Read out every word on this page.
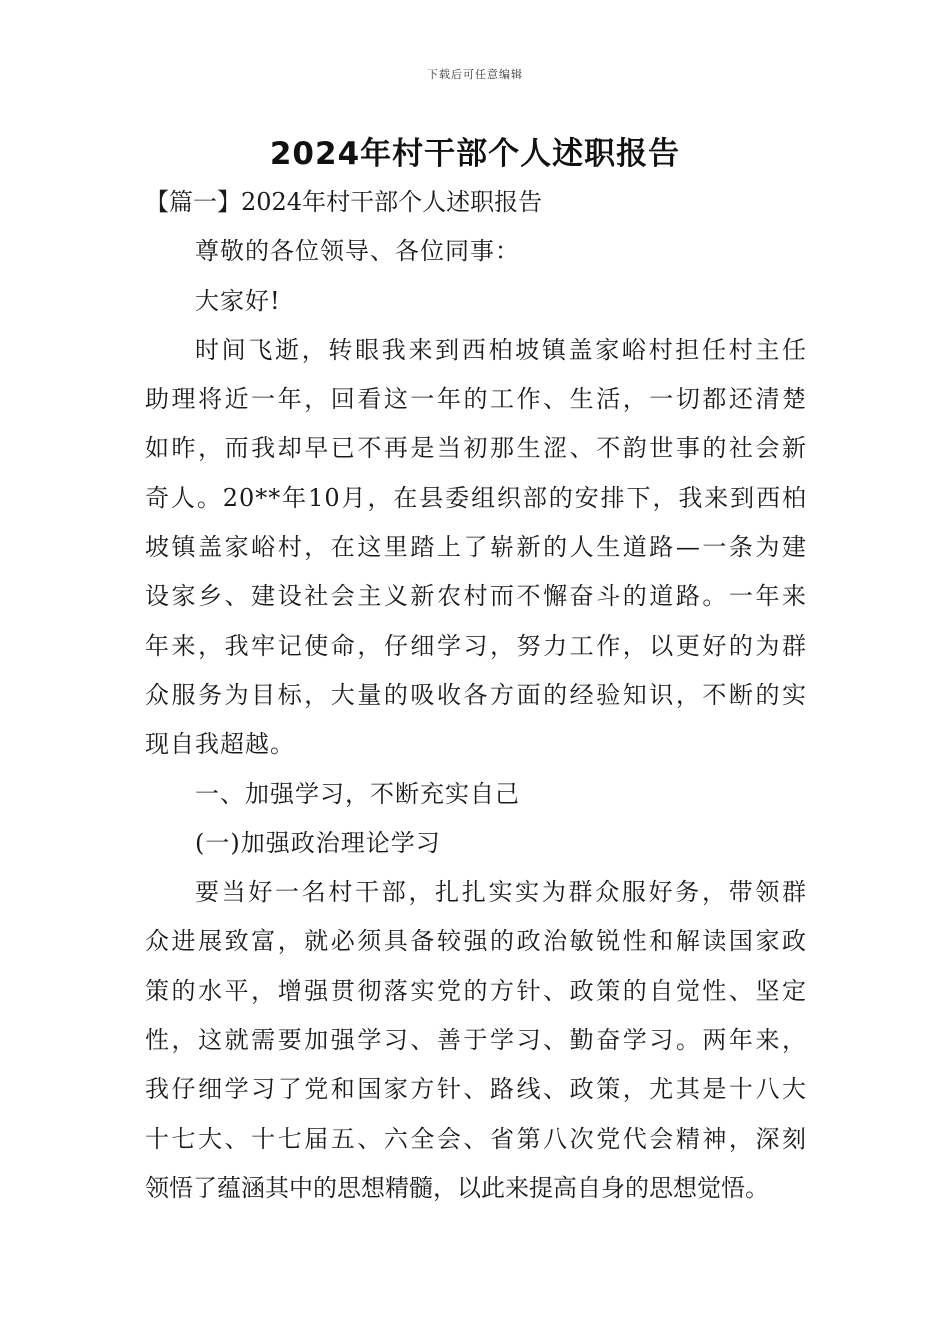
下载后可任意编辑
2024年村干部个人述职报告
【篇一】2024年村干部个人述职报告
尊敬的各位领导、各位同事：
大家好!
时间飞逝，转眼我来到西柏坡镇盖家峪村担任村主任
助理将近一年，回看这一年的工作、生活，一切都还清楚
如昨，而我却早已不再是当初那生涩、不韵世事的社会新
奇人。20**年10月，在县委组织部的安排下，我来到西柏
坡镇盖家峪村，在这里踏上了崭新的人生道路—一条为建
设家乡、建设社会主义新农村而不懈奋斗的道路。一年来
年来，我牢记使命，仔细学习，努力工作，以更好的为群
众服务为目标，大量的吸收各方面的经验知识，不断的实
现自我超越。
一、加强学习，不断充实自己
(一)加强政治理论学习
要当好一名村干部，扎扎实实为群众服好务，带领群
众进展致富，就必须具备较强的政治敏锐性和解读国家政
策的水平，增强贯彻落实党的方针、政策的自觉性、坚定
性，这就需要加强学习、善于学习、勤奋学习。两年来，
我仔细学习了党和国家方针、路线、政策，尤其是十八大
十七大、十七届五、六全会、省第八次党代会精神，深刻
领悟了蕴涵其中的思想精髓，以此来提高自身的思想觉悟。
